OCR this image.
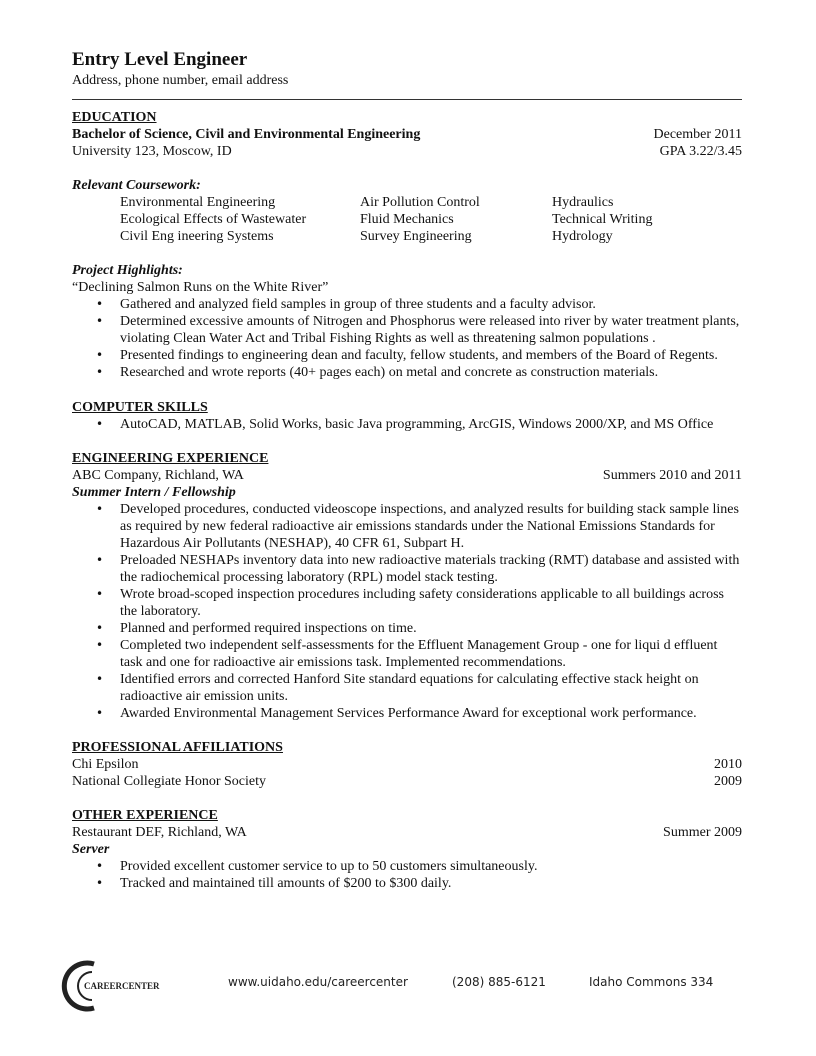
Entry Level Engineer
Address, phone number, email address
EDUCATION
Bachelor of Science, Civil and Environmental Engineering	December 2011
University 123, Moscow, ID	GPA 3.22/3.45
Relevant Coursework:
Environmental Engineering	Air Pollution Control	Hydraulics
Ecological Effects of Wastewater	Fluid Mechanics	Technical Writing
Civil Eng ineering Systems	Survey Engineering	Hydrology
Project Highlights:
“Declining Salmon Runs on the White River”
• Gathered and analyzed field samples in group of three students and a faculty advisor.
• Determined excessive amounts of Nitrogen and Phosphorus were released into river by water treatment plants, violating Clean Water Act and Tribal Fishing Rights as well as threatening salmon populations .
• Presented findings to engineering dean and faculty, fellow students, and members of the Board of Regents.
• Researched and wrote reports (40+ pages each) on metal and concrete as construction materials.
COMPUTER SKILLS
• AutoCAD, MATLAB, Solid Works, basic Java programming, ArcGIS, Windows 2000/XP, and MS Office
ENGINEERING EXPERIENCE
ABC Company, Richland, WA	Summers 2010 and 2011
Summer Intern / Fellowship
• Developed procedures, conducted videoscope inspections, and analyzed results for building stack sample lines as required by new federal radioactive air emissions standards under the National Emissions Standards for Hazardous Air Pollutants (NESHAP), 40 CFR 61, Subpart H.
• Preloaded NESHAPs inventory data into new radioactive materials tracking (RMT) database and assisted with the radiochemical processing laboratory (RPL) model stack testing.
• Wrote broad-scoped inspection procedures including safety considerations applicable to all buildings across the laboratory.
• Planned and performed required inspections on time.
• Completed two independent self-assessments for the Effluent Management Group - one for liqui d effluent task and one for radioactive air emissions task. Implemented recommendations.
• Identified errors and corrected Hanford Site standard equations for calculating effective stack height on radioactive air emission units.
• Awarded Environmental Management Services Performance Award for exceptional work performance.
PROFESSIONAL AFFILIATIONS
Chi Epsilon	2010
National Collegiate Honor Society	2009
OTHER EXPERIENCE
Restaurant DEF, Richland, WA	Summer 2009
Server
• Provided excellent customer service to up to 50 customers simultaneously.
• Tracked and maintained till amounts of $200 to $300 daily.
CAREERCENTER	www.uidaho.edu/careercenter	(208) 885-6121	Idaho Commons 334
